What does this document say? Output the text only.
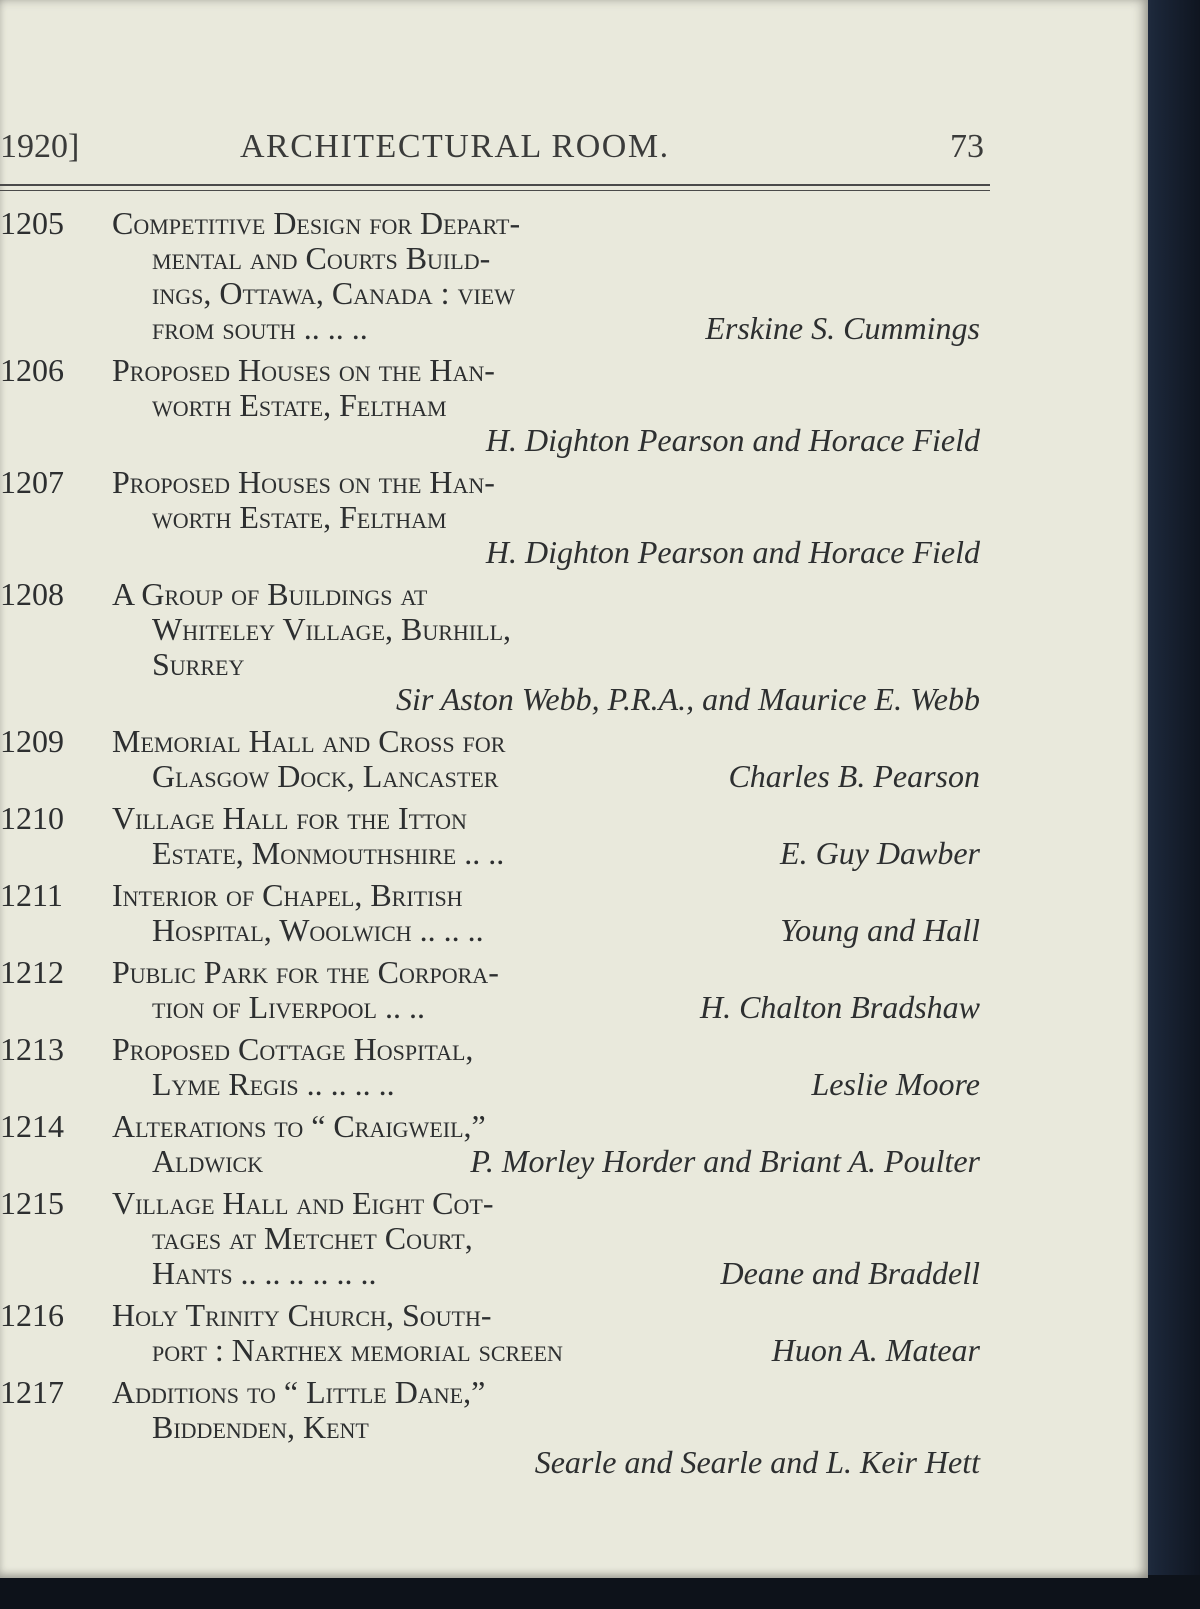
1920]	ARCHITECTURAL ROOM.	73
1205 Competitive Design for Depart-
mental and Courts Build-
ings, Ottawa, Canada : view
from south .. .. ..	Erskine S. Cummings
1206 Proposed Houses on the Han-
worth Estate, Feltham
H. Dighton Pearson and Horace Field
1207 Proposed Houses on the Han-
worth Estate, Feltham
H. Dighton Pearson and Horace Field
1208 A Group of Buildings at
Whiteley Village, Burhill,
Surrey
Sir Aston Webb, P.R.A., and Maurice E. Webb
1209 Memorial Hall and Cross for
Glasgow Dock, Lancaster	Charles B. Pearson
1210 Village Hall for the Itton
Estate, Monmouthshire .. ..	E. Guy Dawber
1211 Interior of Chapel, British
Hospital, Woolwich .. .. ..	Young and Hall
1212 Public Park for the Corpora-
tion of Liverpool .. ..	H. Chalton Bradshaw
1213 Proposed Cottage Hospital,
Lyme Regis .. .. .. ..	Leslie Moore
1214 Alterations to “ Craigweil,”
Aldwick	P. Morley Horder and Briant A. Poulter
1215 Village Hall and Eight Cot-
tages at Metchet Court,
Hants .. .. .. .. .. ..	Deane and Braddell
1216 Holy Trinity Church, South-
port : Narthex memorial screen	Huon A. Matear
1217 Additions to “ Little Dane,”
Biddenden, Kent
Searle and Searle and L. Keir Hett
